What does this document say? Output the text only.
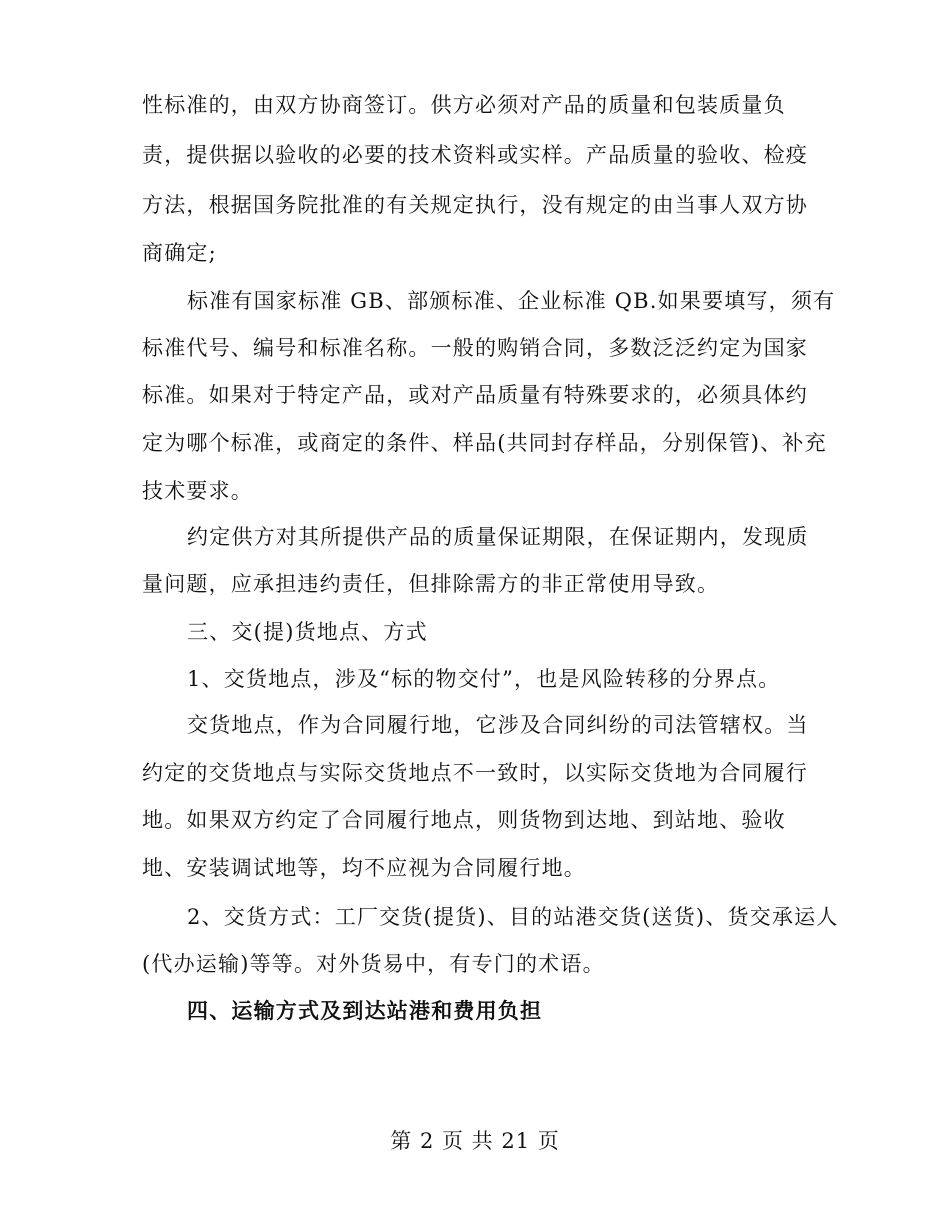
性标准的，由双方协商签订。供方必须对产品的质量和包装质量负
责，提供据以验收的必要的技术资料或实样。产品质量的验收、检疫
方法，根据国务院批准的有关规定执行，没有规定的由当事人双方协
商确定;
标准有国家标准 GB、部颁标准、企业标准 QB.如果要填写，须有
标准代号、编号和标准名称。一般的购销合同，多数泛泛约定为国家
标准。如果对于特定产品，或对产品质量有特殊要求的，必须具体约
定为哪个标准，或商定的条件、样品(共同封存样品，分别保管)、补充
技术要求。
约定供方对其所提供产品的质量保证期限，在保证期内，发现质
量问题，应承担违约责任，但排除需方的非正常使用导致。
三、交(提)货地点、方式
1、交货地点，涉及“标的物交付”，也是风险转移的分界点。
交货地点，作为合同履行地，它涉及合同纠纷的司法管辖权。当
约定的交货地点与实际交货地点不一致时，以实际交货地为合同履行
地。如果双方约定了合同履行地点，则货物到达地、到站地、验收
地、安装调试地等，均不应视为合同履行地。
2、交货方式：工厂交货(提货)、目的站港交货(送货)、货交承运人
(代办运输)等等。对外货易中，有专门的术语。
四、运输方式及到达站港和费用负担
第 2 页 共 21 页
